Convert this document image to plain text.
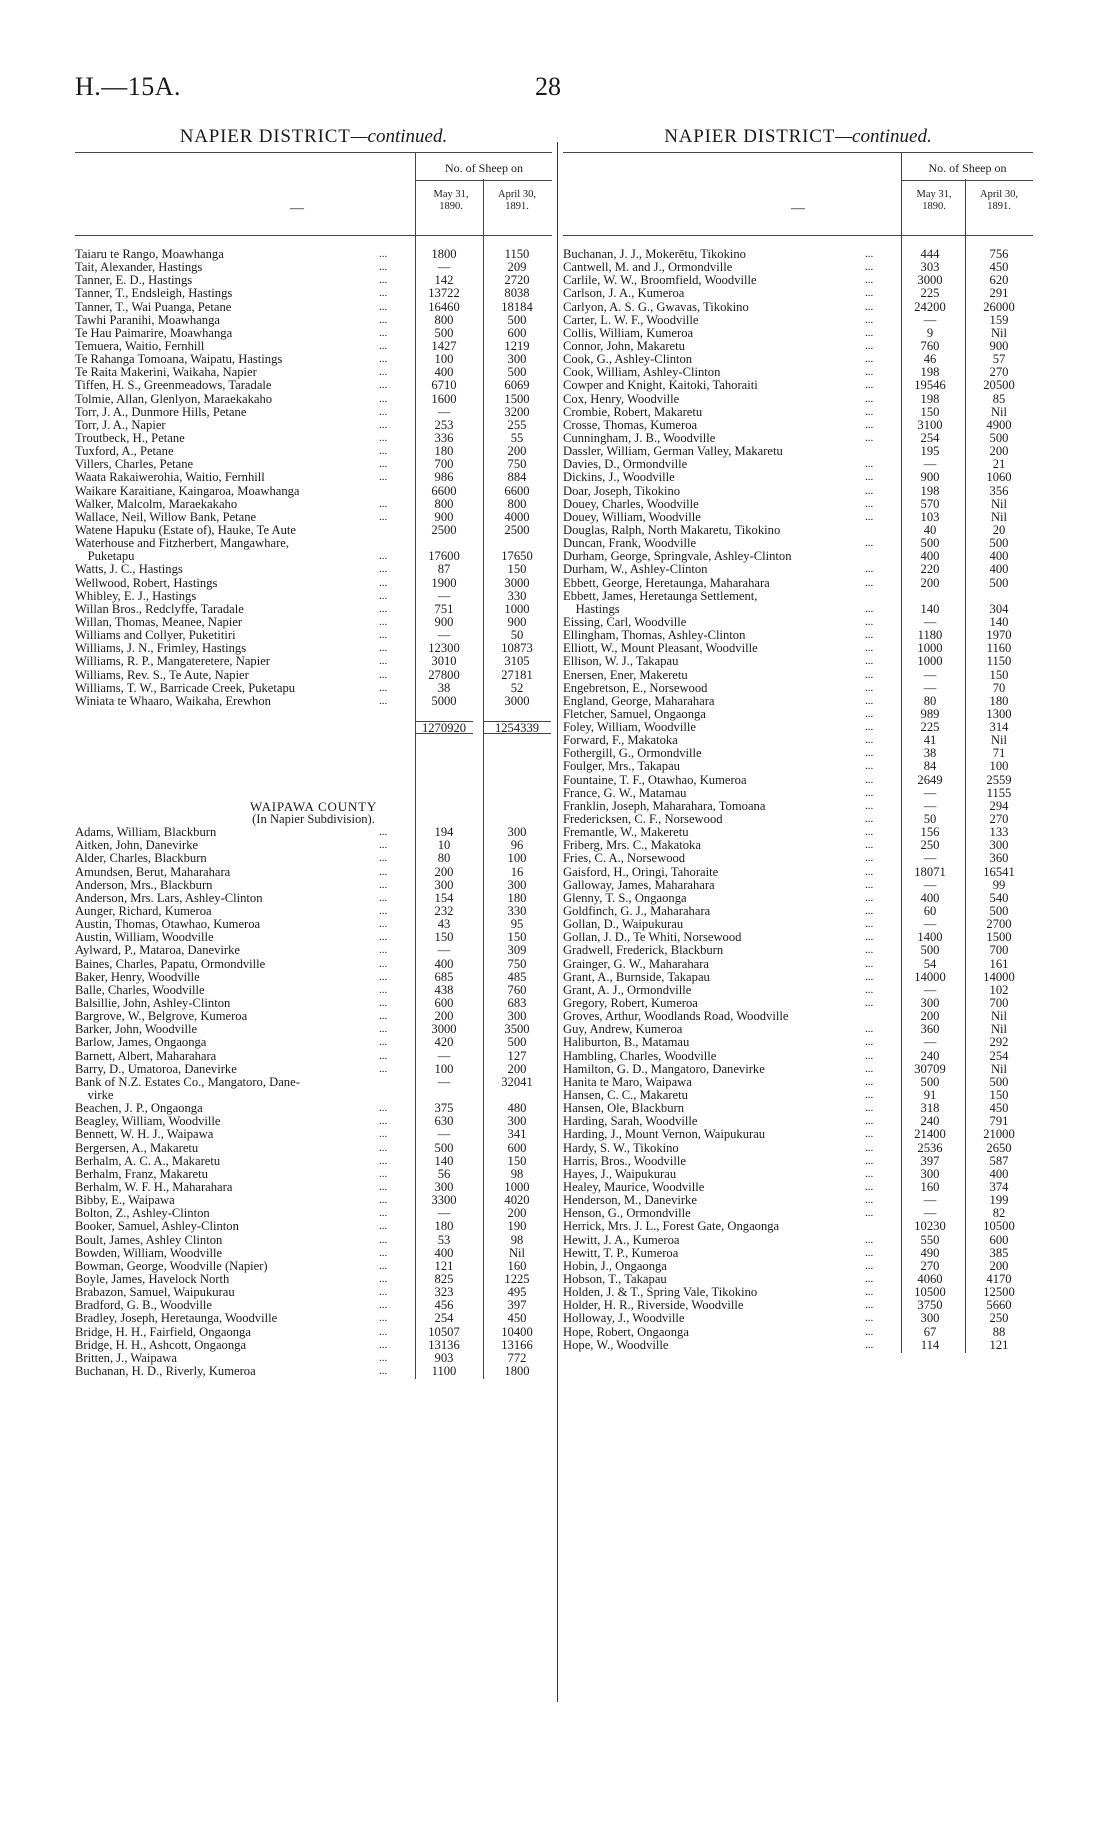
H.—15A.	28
NAPIER DISTRICT—continued.
—
No. of Sheep on
May 31, 1890.
April 30, 1891.
Taiaru te Rango, Moawhanga	...	1800	1150
Tait, Alexander, Hastings	...	—	209
Tanner, E. D., Hastings	...	142	2720
Tanner, T., Endsleigh, Hastings	...	13722	8038
Tanner, T., Wai Puanga, Petane	...	16460	18184
Tawhi Paranihi, Moawhanga	...	800	500
Te Hau Paimarire, Moawhanga	...	500	600
Temuera, Waitio, Fernhill	...	1427	1219
Te Rahanga Tomoana, Waipatu, Hastings	...	100	300
Te Raita Makerini, Waikaha, Napier	...	400	500
Tiffen, H. S., Greenmeadows, Taradale	...	6710	6069
Tolmie, Allan, Glenlyon, Maraekakaho	...	1600	1500
Torr, J. A., Dunmore Hills, Petane	...	—	3200
Torr, J. A., Napier	...	253	255
Troutbeck, H., Petane	...	336	55
Tuxford, A., Petane	...	180	200
Villers, Charles, Petane	...	700	750
Waata Rakaiwerohia, Waitio, Fernhill	...	986	884
Waikare Karaitiane, Kaingaroa, Moawhanga	6600	6600
Walker, Malcolm, Maraekakaho	...	800	800
Wallace, Neil, Willow Bank, Petane	...	900	4000
Watene Hapuku (Estate of), Hauke, Te Aute	2500	2500
Waterhouse and Fitzherbert, Mangawhare,
Puketapu	...	17600	17650
Watts, J. C., Hastings	...	87	150
Wellwood, Robert, Hastings	...	1900	3000
Whibley, E. J., Hastings	...	—	330
Willan Bros., Redclyffe, Taradale	...	751	1000
Willan, Thomas, Meanee, Napier	...	900	900
Williams and Collyer, Puketitiri	...	—	50
Williams, J. N., Frimley, Hastings	...	12300	10873
Williams, R. P., Mangateretere, Napier	...	3010	3105
Williams, Rev. S., Te Aute, Napier	...	27800	27181
Williams, T. W., Barricade Creek, Puketapu	...	38	52
Winiata te Whaaro, Waikaha, Erewhon	...	5000	3000
1270920	1254339
WAIPAWA COUNTY
(In Napier Subdivision).
Adams, William, Blackburn	...	194	300
Aitken, John, Danevirke	...	10	96
Alder, Charles, Blackburn	...	80	100
Amundsen, Berut, Maharahara	...	200	16
Anderson, Mrs., Blackburn	...	300	300
Anderson, Mrs. Lars, Ashley-Clinton	...	154	180
Aunger, Richard, Kumeroa	...	232	330
Austin, Thomas, Otawhao, Kumeroa	...	43	95
Austin, William, Woodville	...	150	150
Aylward, P., Mataroa, Danevirke	...	—	309
Baines, Charles, Papatu, Ormondville	...	400	750
Baker, Henry, Woodville	...	685	485
Balle, Charles, Woodville	...	438	760
Balsillie, John, Ashley-Clinton	...	600	683
Bargrove, W., Belgrove, Kumeroa	...	200	300
Barker, John, Woodville	...	3000	3500
Barlow, James, Ongaonga	...	420	500
Barnett, Albert, Maharahara	...	—	127
Barry, D., Umatoroa, Danevirke	...	100	200
Bank of N.Z. Estates Co., Mangatoro, Dane-	—	32041
virke
Beachen, J. P., Ongaonga	...	375	480
Beagley, William, Woodville	...	630	300
Bennett, W. H. J., Waipawa	...	—	341
Bergersen, A., Makaretu	...	500	600
Berhalm, A. C. A., Makaretu	...	140	150
Berhalm, Franz, Makaretu	...	56	98
Berhalm, W. F. H., Maharahara	...	300	1000
Bibby, E., Waipawa	...	3300	4020
Bolton, Z., Ashley-Clinton	...	—	200
Booker, Samuel, Ashley-Clinton	...	180	190
Boult, James, Ashley Clinton	...	53	98
Bowden, William, Woodville	...	400	Nil
Bowman, George, Woodville (Napier)	...	121	160
Boyle, James, Havelock North	...	825	1225
Brabazon, Samuel, Waipukurau	...	323	495
Bradford, G. B., Woodville	...	456	397
Bradley, Joseph, Heretaunga, Woodville	...	254	450
Bridge, H. H., Fairfield, Ongaonga	...	10507	10400
Bridge, H. H., Ashcott, Ongaonga	...	13136	13166
Britten, J., Waipawa	...	903	772
Buchanan, H. D., Riverly, Kumeroa	...	1100	1800
NAPIER DISTRICT—continued.
—
No. of Sheep on
May 31, 1890.
April 30, 1891.
Buchanan, J. J., Mokerētu, Tikokino	...	444	756
Cantwell, M. and J., Ormondville	...	303	450
Carlile, W. W., Broomfield, Woodville	...	3000	620
Carlson, J. A., Kumeroa	...	225	291
Carlyon, A. S. G., Gwavas, Tikokino	...	24200	26000
Carter, L. W. F., Woodville	...	—	159
Collis, William, Kumeroa	...	9	Nil
Connor, John, Makaretu	...	760	900
Cook, G., Ashley-Clinton	...	46	57
Cook, William, Ashley-Clinton	...	198	270
Cowper and Knight, Kaitoki, Tahoraiti	...	19546	20500
Cox, Henry, Woodville	...	198	85
Crombie, Robert, Makaretu	...	150	Nil
Crosse, Thomas, Kumeroa	...	3100	4900
Cunningham, J. B., Woodville	...	254	500
Dassler, William, German Valley, Makaretu	195	200
Davies, D., Ormondville	...	—	21
Dickins, J., Woodville	...	900	1060
Doar, Joseph, Tikokino	...	198	356
Douey, Charles, Woodville	...	570	Nil
Douey, William, Woodville	...	103	Nil
Douglas, Ralph, North Makaretu, Tikokino	40	20
Duncan, Frank, Woodville	...	500	500
Durham, George, Springvale, Ashley-Clinton	400	400
Durham, W., Ashley-Clinton	...	220	400
Ebbett, George, Heretaunga, Maharahara	...	200	500
Ebbett, James, Heretaunga Settlement,
Hastings	...	140	304
Eissing, Carl, Woodville	...	—	140
Ellingham, Thomas, Ashley-Clinton	...	1180	1970
Elliott, W., Mount Pleasant, Woodville	...	1000	1160
Ellison, W. J., Takapau	...	1000	1150
Enersen, Ener, Makeretu	...	—	150
Engebretson, E., Norsewood	...	—	70
England, George, Maharahara	...	80	180
Fletcher, Samuel, Ongaonga	...	989	1300
Foley, William, Woodville	...	225	314
Forward, F., Makatoka	...	41	Nil
Fothergill, G., Ormondville	...	38	71
Foulger, Mrs., Takapau	...	84	100
Fountaine, T. F., Otawhao, Kumeroa	...	2649	2559
France, G. W., Matamau	...	—	1155
Franklin, Joseph, Maharahara, Tomoana	...	—	294
Fredericksen, C. F., Norsewood	...	50	270
Fremantle, W., Makeretu	...	156	133
Friberg, Mrs. C., Makatoka	...	250	300
Fries, C. A., Norsewood	...	—	360
Gaisford, H., Oringi, Tahoraite	...	18071	16541
Galloway, James, Maharahara	...	—	99
Glenny, T. S., Ongaonga	...	400	540
Goldfinch, G. J., Maharahara	...	60	500
Gollan, D., Waipukurau	...	—	2700
Gollan, J. D., Te Whiti, Norsewood	...	1400	1500
Gradwell, Frederick, Blackburn	...	500	700
Grainger, G. W., Maharahara	...	54	161
Grant, A., Burnside, Takapau	...	14000	14000
Grant, A. J., Ormondville	...	—	102
Gregory, Robert, Kumeroa	...	300	700
Groves, Arthur, Woodlands Road, Woodville	200	Nil
Guy, Andrew, Kumeroa	...	360	Nil
Haliburton, B., Matamau	...	—	292
Hambling, Charles, Woodville	...	240	254
Hamilton, G. D., Mangatoro, Danevirke	...	30709	Nil
Hanita te Maro, Waipawa	...	500	500
Hansen, C. C., Makaretu	...	91	150
Hansen, Ole, Blackburn	...	318	450
Harding, Sarah, Woodville	...	240	791
Harding, J., Mount Vernon, Waipukurau	...	21400	21000
Hardy, S. W., Tikokino	...	2536	2650
Harris, Bros., Woodville	...	397	587
Hayes, J., Waipukurau	...	300	400
Healey, Maurice, Woodville	...	160	374
Henderson, M., Danevirke	...	—	199
Henson, G., Ormondville	...	—	82
Herrick, Mrs. J. L., Forest Gate, Ongaonga	10230	10500
Hewitt, J. A., Kumeroa	...	550	600
Hewitt, T. P., Kumeroa	...	490	385
Hobin, J., Ongaonga	...	270	200
Hobson, T., Takapau	...	4060	4170
Holden, J. & T., Spring Vale, Tikokino	...	10500	12500
Holder, H. R., Riverside, Woodville	...	3750	5660
Holloway, J., Woodville	...	300	250
Hope, Robert, Ongaonga	...	67	88
Hope, W., Woodville	...	114	121
